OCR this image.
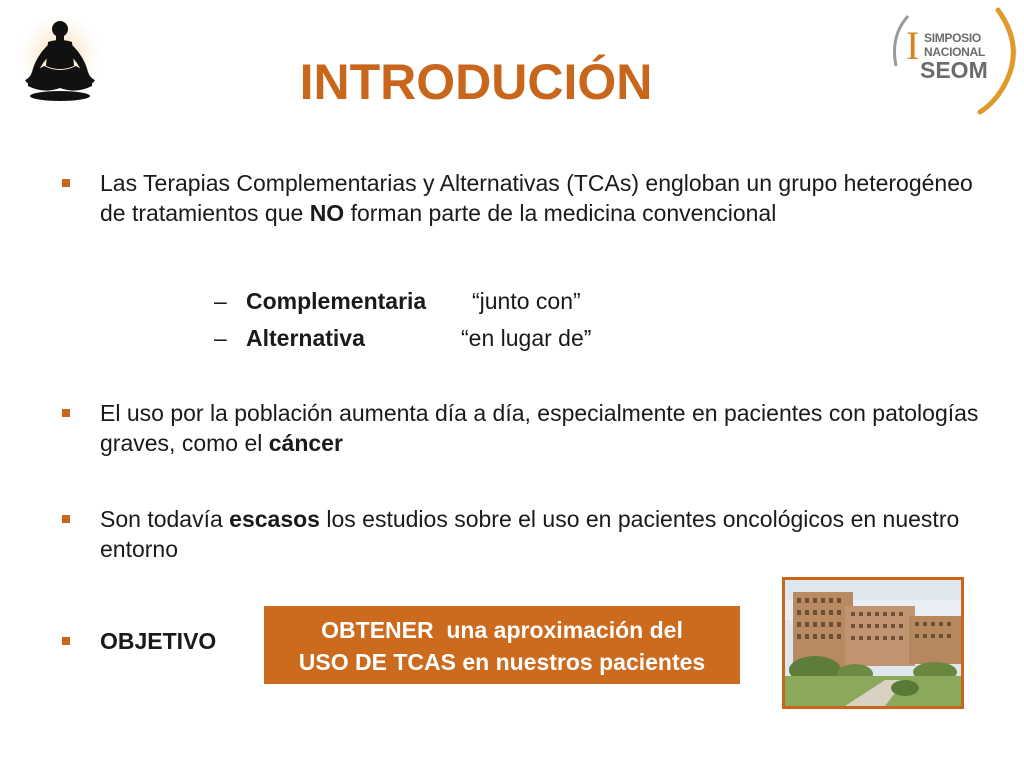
I SIMPOSIO
NACIONAL
SEOM
INTRODUCIÓN
Las Terapias Complementarias y Alternativas (TCAs) engloban un grupo heterogéneo de tratamientos que NO forman parte de la medicina convencional
– Complementaria “junto con”
– Alternativa	“en lugar de”
El uso por la población aumenta día a día, especialmente en pacientes con patologías graves, como el cáncer
Son todavía escasos los estudios sobre el uso en pacientes oncológicos en nuestro entorno
OBJETIVO	OBTENER  una aproximación del
USO DE TCAS en nuestros pacientes
